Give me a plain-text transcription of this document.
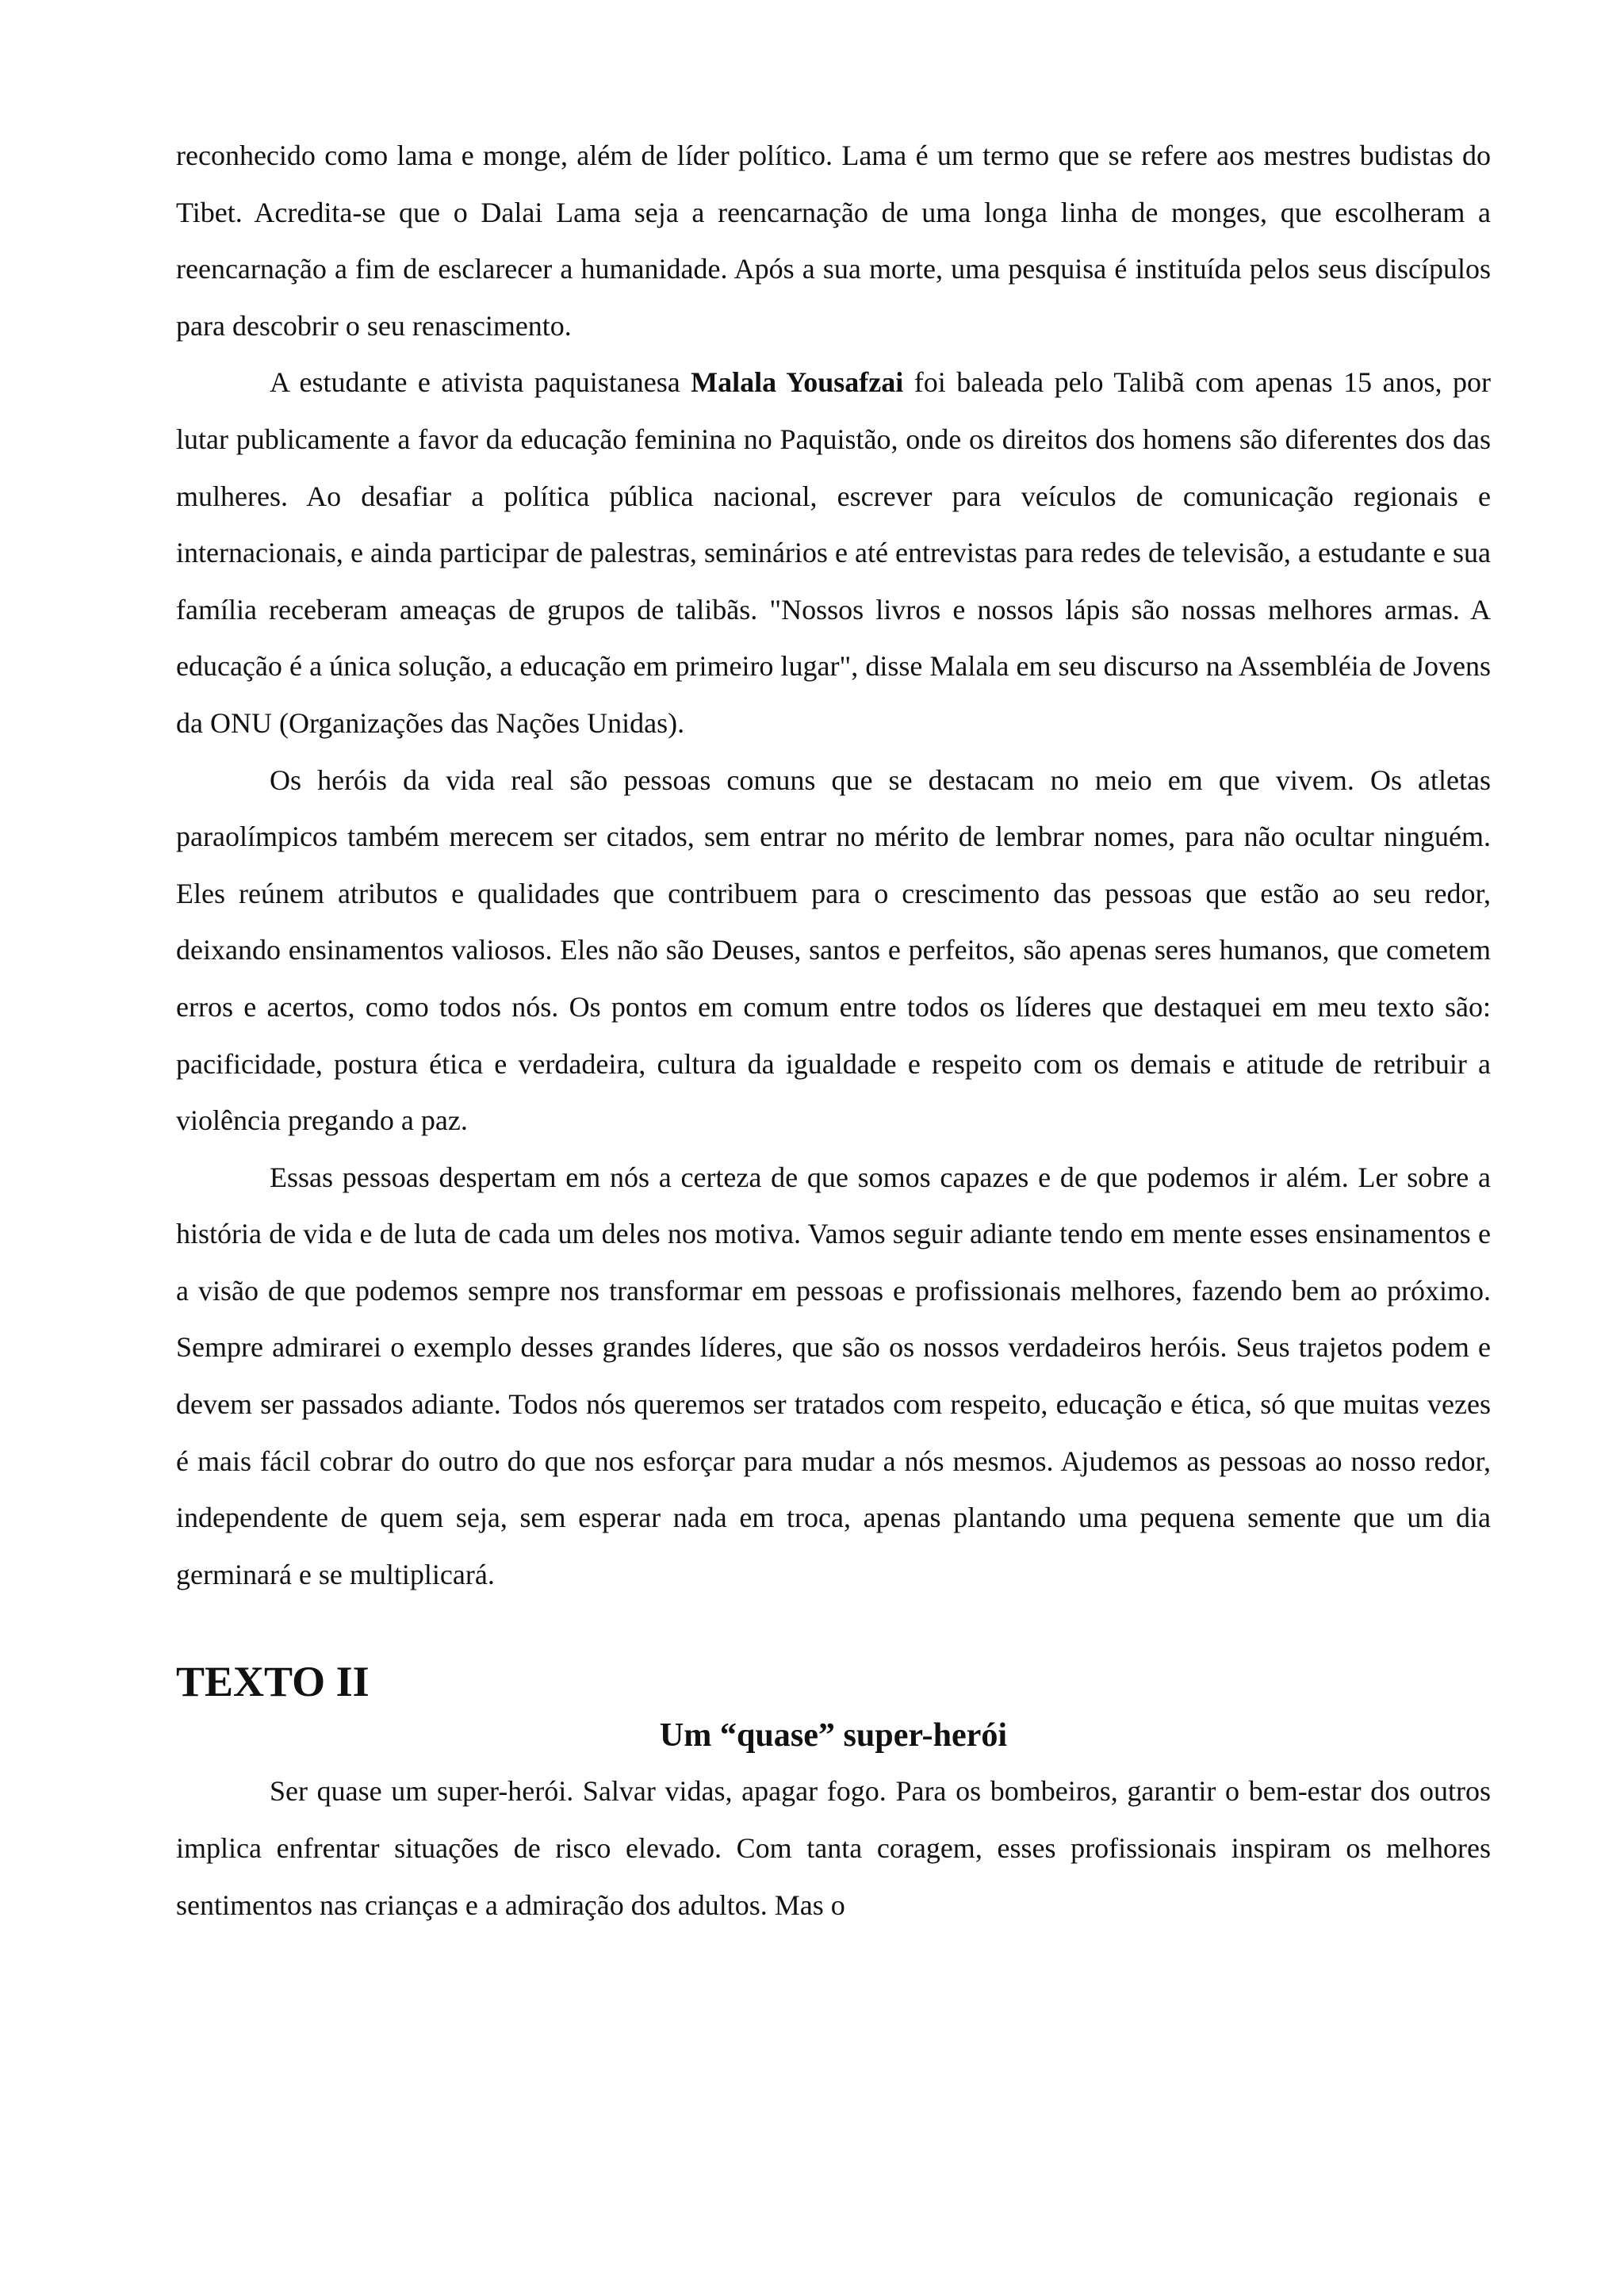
reconhecido como lama e monge, além de líder político. Lama é um termo que se refere aos mestres budistas do Tibet. Acredita-se que o Dalai Lama seja a reencarnação de uma longa linha de monges, que escolheram a reencarnação a fim de esclarecer a humanidade. Após a sua morte, uma pesquisa é instituída pelos seus discípulos para descobrir o seu renascimento.

A estudante e ativista paquistanesa Malala Yousafzai foi baleada pelo Talibã com apenas 15 anos, por lutar publicamente a favor da educação feminina no Paquistão, onde os direitos dos homens são diferentes dos das mulheres. Ao desafiar a política pública nacional, escrever para veículos de comunicação regionais e internacionais, e ainda participar de palestras, seminários e até entrevistas para redes de televisão, a estudante e sua família receberam ameaças de grupos de talibãs. "Nossos livros e nossos lápis são nossas melhores armas. A educação é a única solução, a educação em primeiro lugar", disse Malala em seu discurso na Assembléia de Jovens da ONU (Organizações das Nações Unidas).

Os heróis da vida real são pessoas comuns que se destacam no meio em que vivem. Os atletas paraolímpicos também merecem ser citados, sem entrar no mérito de lembrar nomes, para não ocultar ninguém. Eles reúnem atributos e qualidades que contribuem para o crescimento das pessoas que estão ao seu redor, deixando ensinamentos valiosos. Eles não são Deuses, santos e perfeitos, são apenas seres humanos, que cometem erros e acertos, como todos nós. Os pontos em comum entre todos os líderes que destaquei em meu texto são: pacificidade, postura ética e verdadeira, cultura da igualdade e respeito com os demais e atitude de retribuir a violência pregando a paz.

Essas pessoas despertam em nós a certeza de que somos capazes e de que podemos ir além. Ler sobre a história de vida e de luta de cada um deles nos motiva. Vamos seguir adiante tendo em mente esses ensinamentos e a visão de que podemos sempre nos transformar em pessoas e profissionais melhores, fazendo bem ao próximo. Sempre admirarei o exemplo desses grandes líderes, que são os nossos verdadeiros heróis. Seus trajetos podem e devem ser passados adiante. Todos nós queremos ser tratados com respeito, educação e ética, só que muitas vezes é mais fácil cobrar do outro do que nos esforçar para mudar a nós mesmos. Ajudemos as pessoas ao nosso redor, independente de quem seja, sem esperar nada em troca, apenas plantando uma pequena semente que um dia germinará e se multiplicará.

TEXTO II
Um “quase” super-herói

Ser quase um super-herói. Salvar vidas, apagar fogo. Para os bombeiros, garantir o bem-estar dos outros implica enfrentar situações de risco elevado. Com tanta coragem, esses profissionais inspiram os melhores sentimentos nas crianças e a admiração dos adultos. Mas o
